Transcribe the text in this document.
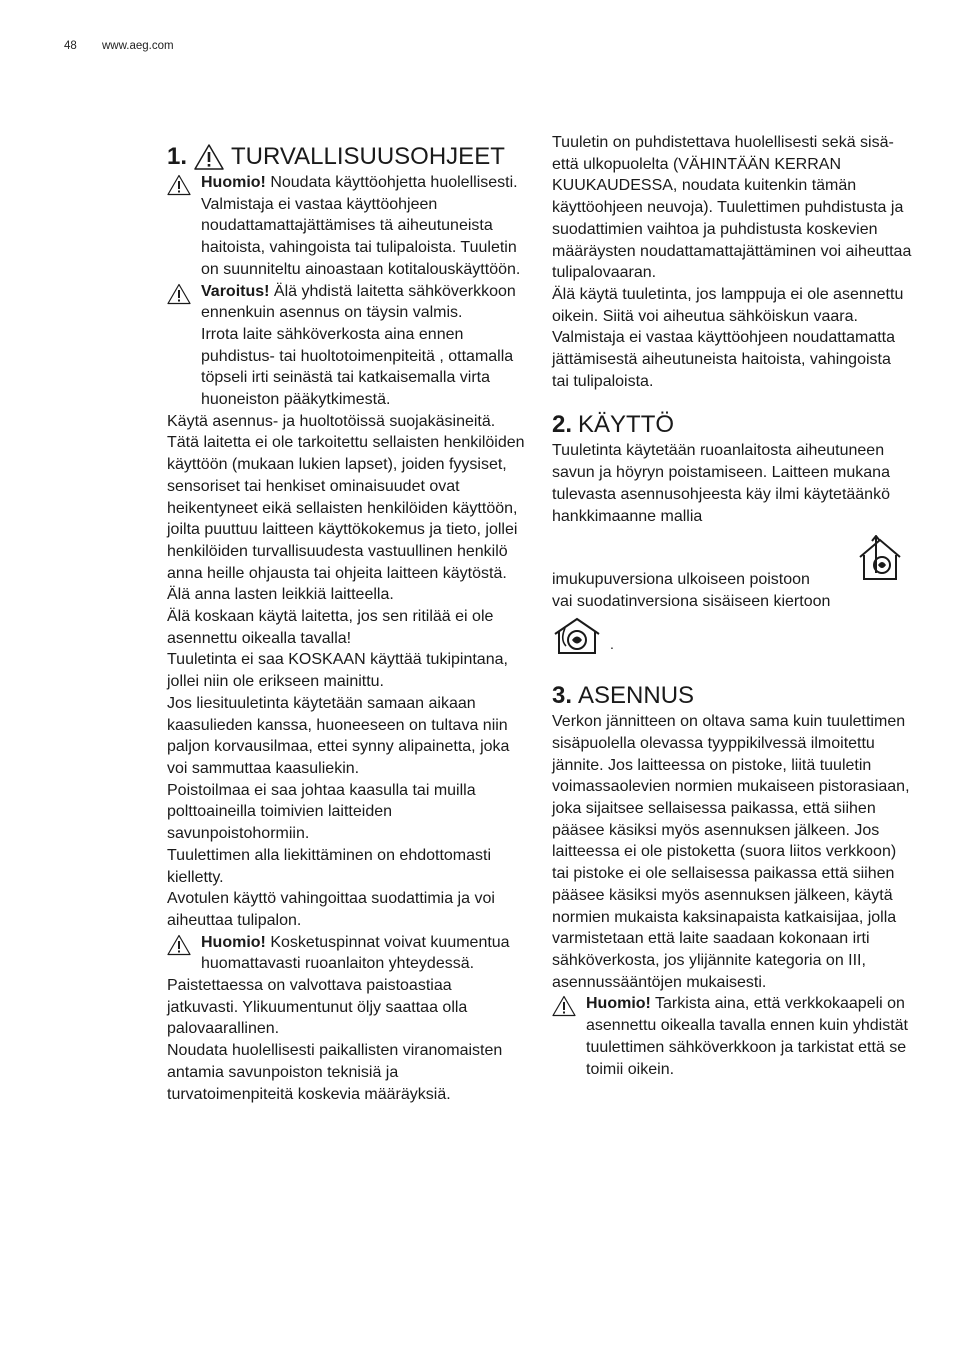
48 www.aeg.com
1. TURVALLISUUSOHJEET

Huomio! Noudata käyttöohjetta huolellisesti. Valmistaja ei vastaa käyttöohjeen noudattamattajättämises tä aiheutuneista haitoista, vahingoista tai tulipaloista. Tuuletin on suunniteltu ainoastaan kotitalouskäyttöön.

Varoitus! Älä yhdistä laitetta sähköverkkoon ennenkuin asennus on täysin valmis.

Irrota laite sähköverkosta aina ennen puhdistus- tai huoltotoimenpiteitä , ottamalla töpseli irti seinästä tai katkaisemalla virta huoneiston pääkytkimestä.

Käytä asennus- ja huoltotöissä suojakäsineitä.

Tätä laitetta ei ole tarkoitettu sellaisten henkilöiden käyttöön (mukaan lukien lapset), joiden fyysiset, sensoriset tai henkiset ominaisuudet ovat heikentyneet eikä sellaisten henkilöiden käyttöön, joilta puuttuu laitteen käyttökokemus ja tieto, jollei henkilöiden turvallisuudesta vastuullinen henkilö anna heille ohjausta tai ohjeita laitteen käytöstä.

Älä anna lasten leikkiä laitteella.

Älä koskaan käytä laitetta, jos sen ritilää ei ole asennettu oikealla tavalla!

Tuuletinta ei saa KOSKAAN käyttää tukipintana, jollei niin ole erikseen mainittu.

Jos liesituuletinta käytetään samaan aikaan kaasulieden kanssa, huoneeseen on tultava niin paljon korvausilmaa, ettei synny alipainetta, joka voi sammuttaa kaasuliekin.

Poistoilmaa ei saa johtaa kaasulla tai muilla polttoaineilla toimivien laitteiden savunpoistohormiin.

Tuulettimen alla liekittäminen on ehdottomasti kielletty.

Avotulen käyttö vahingoittaa suodattimia ja voi aiheuttaa tulipalon.

Huomio! Kosketuspinnat voivat kuumentua huomattavasti ruoanlaiton yhteydessä.

Paistettaessa on valvottava paistoastiaa jatkuvasti. Ylikuumentunut öljy saattaa olla palovaarallinen.

Noudata huolellisesti paikallisten viranomaisten antamia savunpoiston teknisiä ja turvatoimenpiteitä koskevia määräyksiä.

Tuuletin on puhdistettava huolellisesti sekä sisä- että ulkopuolelta (VÄHINTÄÄN KERRAN KUUKAUDESSA, noudata kuitenkin tämän käyttöohjeen neuvoja). Tuulettimen puhdistusta ja suodattimien vaihtoa ja puhdistusta koskevien määräysten noudattamattajättäminen voi aiheuttaa tulipalovaaran.

Älä käytä tuuletinta, jos lamppuja ei ole asennettu oikein. Siitä voi aiheutua sähköiskun vaara.

Valmistaja ei vastaa käyttöohjeen noudattamatta jättämisestä aiheutuneista haitoista, vahingoista tai tulipaloista.

2. KÄYTTÖ

Tuuletinta käytetään ruoanlaitosta aiheutuneen savun ja höyryn poistamiseen. Laitteen mukana tulevasta asennusohjeesta käy ilmi käytetäänkö hankkimaanne mallia

imukupuversiona ulkoiseen poistoon

vai suodatinversiona sisäiseen kiertoon

.
3. ASENNUS

Verkon jännitteen on oltava sama kuin tuulettimen sisäpuolella olevassa tyyppikilvessä ilmoitettu jännite. Jos laitteessa on pistoke, liitä tuuletin voimassaolevien normien mukaiseen pistorasiaan, joka sijaitsee sellaisessa paikassa, että siihen pääsee käsiksi myös asennuksen jälkeen. Jos laitteessa ei ole pistoketta (suora liitos verkkoon) tai pistoke ei ole sellaisessa paikassa että siihen pääsee käsiksi myös asennuksen jälkeen, käytä normien mukaista kaksinapaista katkaisijaa, jolla varmistetaan että laite saadaan kokonaan irti sähköverkosta, jos ylijännite kategoria on III, asennussääntöjen mukaisesti.

Huomio! Tarkista aina, että verkkokaapeli on asennettu oikealla tavalla ennen kuin yhdistät tuulettimen sähköverkkoon ja tarkistat että se toimii oikein.
